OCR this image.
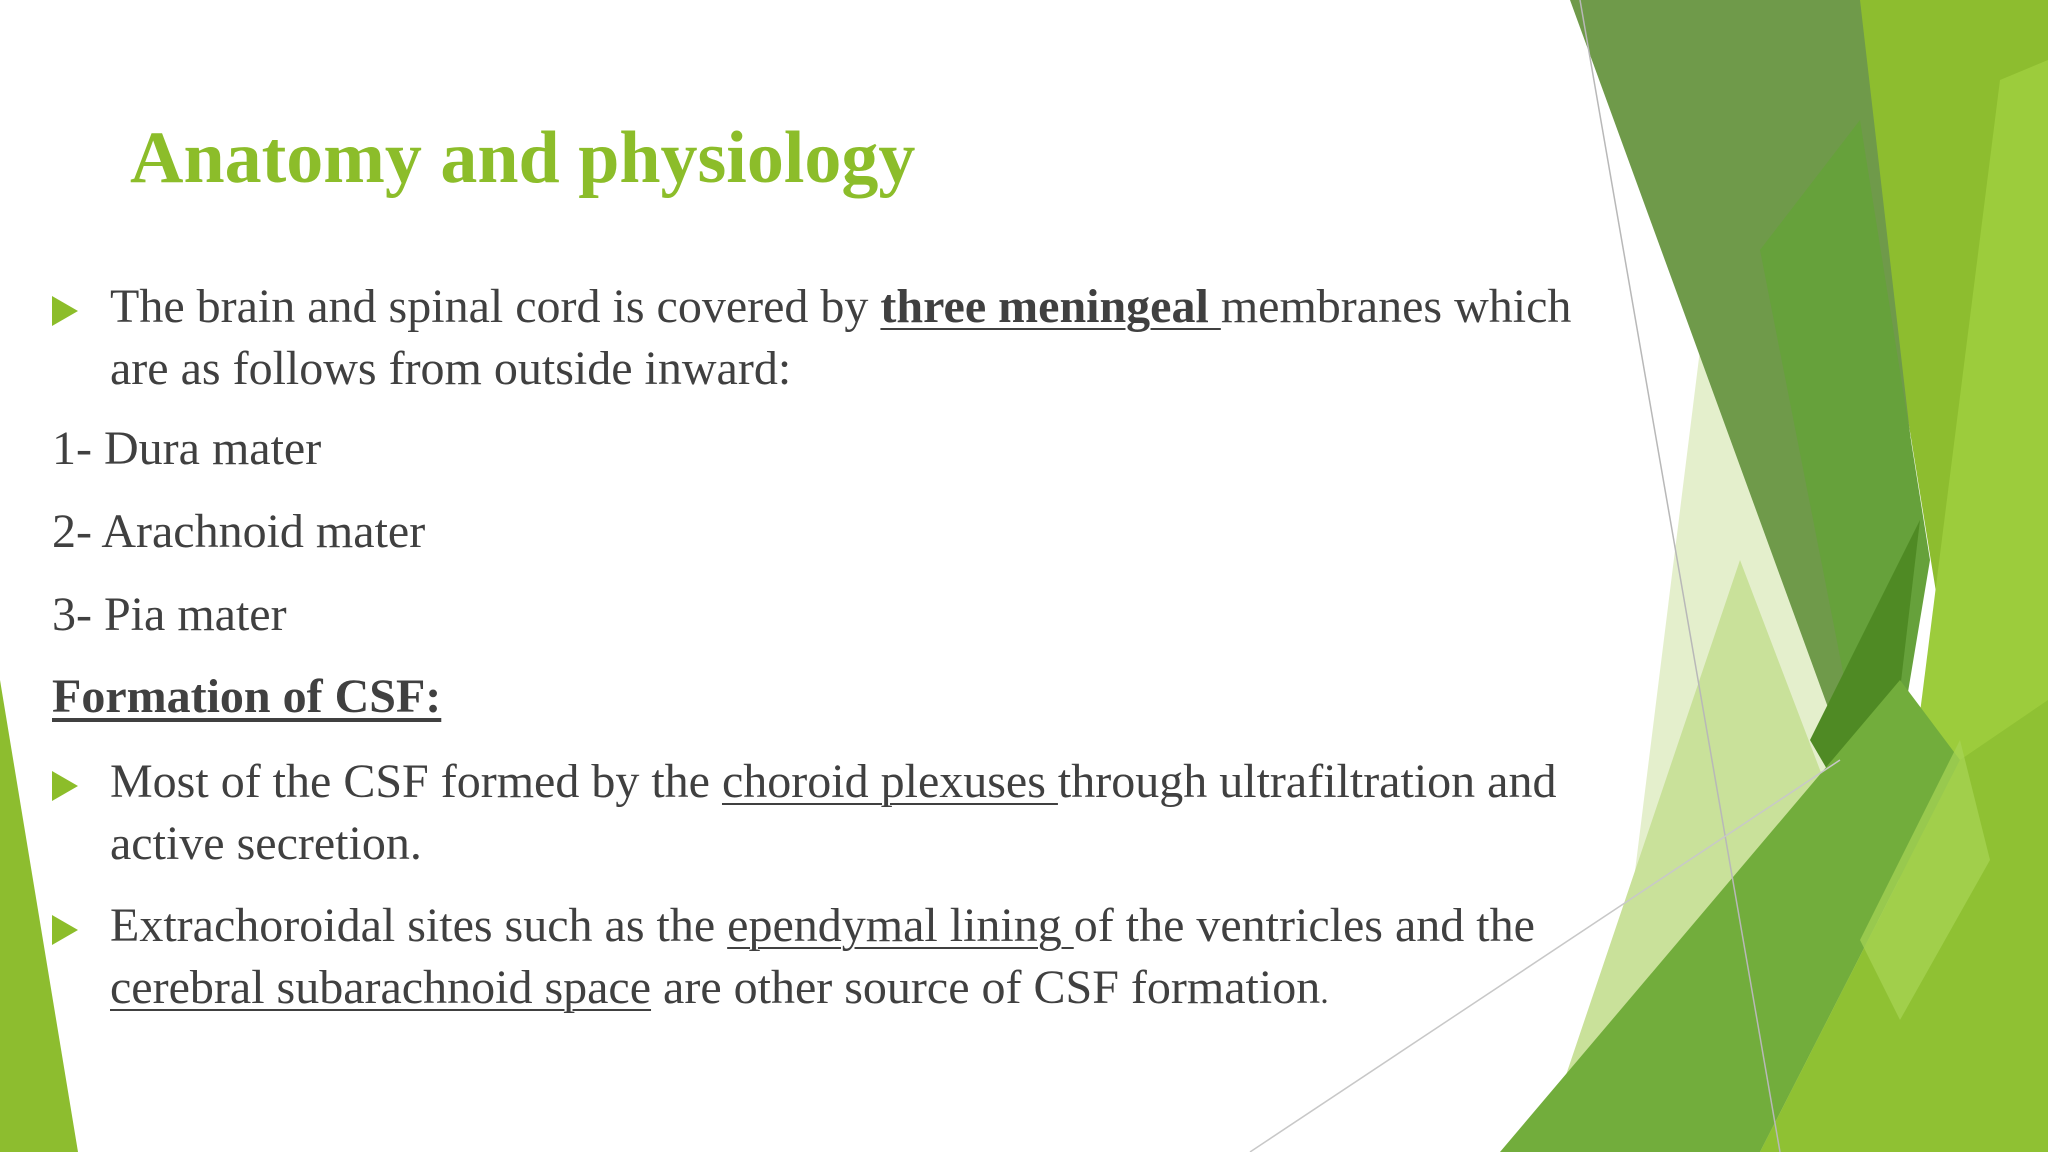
Anatomy and physiology
The brain and spinal cord is covered by three meningeal membranes which
are as follows from outside inward:
1- Dura mater
2- Arachnoid mater
3- Pia mater
Formation of CSF:
Most of the CSF formed by the choroid plexuses through ultrafiltration and
active secretion.
Extrachoroidal sites such as the ependymal lining of the ventricles and the
cerebral subarachnoid space are other source of CSF formation.
